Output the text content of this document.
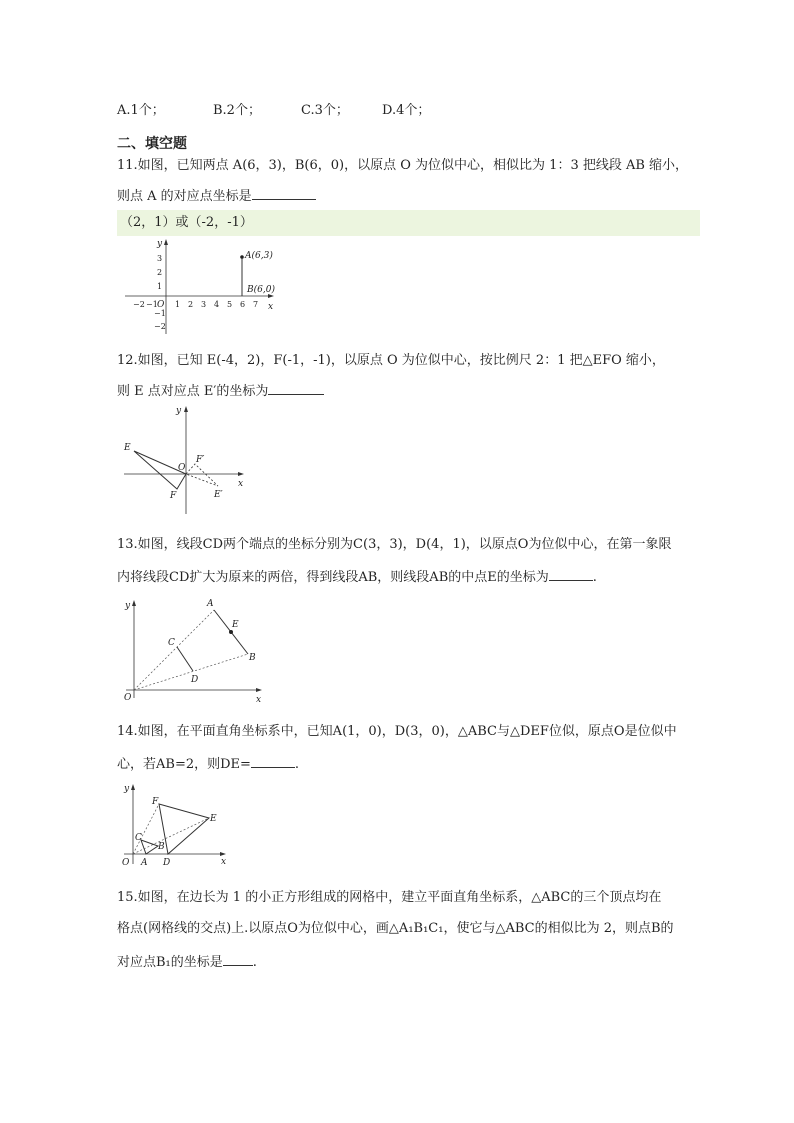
A.1个；	B.2个；	C.3个；	D.4个；
二、填空题
11.如图，已知两点 A(6，3)，B(6，0)，以原点 O 为位似中心，相似比为 1：3 把线段 AB 缩小，
则点 A 的对应点坐标是
（2，1）或（-2，-1）
y
x
−2 −1 O 1 2 3 4 5 6 7
3
2
1
−1
−2
A(6,3)
B(6,0)
12.如图，已知 E(-4，2)，F(-1，-1)，以原点 O 为位似中心，按比例尺 2：1 把△EFO 缩小，
则 E 点对应点 E′的坐标为
y
x
E
F
O
F′
E′
13.如图，线段CD两个端点的坐标分别为C(3，3)，D(4，1)，以原点O为位似中心，在第一象限
内将线段CD扩大为原来的两倍，得到线段AB，则线段AB的中点E的坐标为	.
y
x
A
B
C
D
E
O
14.如图，在平面直角坐标系中，已知A(1，0)，D(3，0)，△ABC与△DEF位似，原点O是位似中
心，若AB=2，则DE=	.
y
x
F
E
C
B
A D
O
15.如图，在边长为 1 的小正方形组成的网格中，建立平面直角坐标系，△ABC的三个顶点均在
格点(网格线的交点)上.以原点O为位似中心，画△A₁B₁C₁，使它与△ABC的相似比为 2，则点B的
对应点B₁的坐标是 .
